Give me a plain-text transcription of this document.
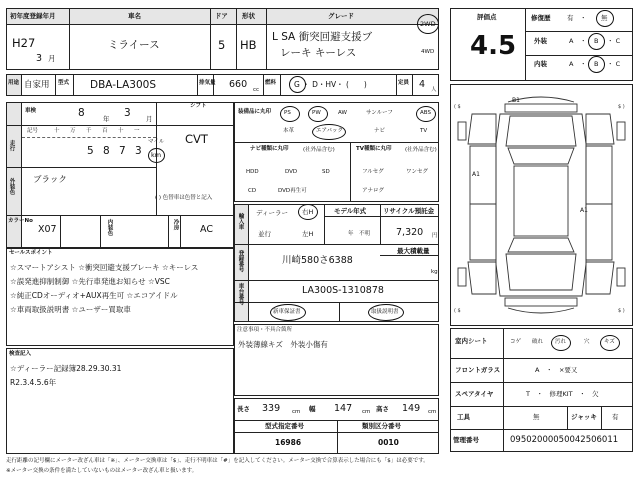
初年度登録年月
H27
3 月
車名
ミライース
ドア
5
形状
HB
グレード
L SA 衝突回避支援ブ
レーキ キーレス
2WD
4WD
用途 自家用 型式 DBA-LA300S	排気量 660 cc
燃料 G ・ D・HV・ (　　)	定員 4 人
評価点
4.5
修復歴	有　・ 無
外装	A　・ B ・ C
内装	A　・ B ・ C
車検	8	年 3 月
シフト
CVT
記号	十 万 千 百 十 一
走行	5 8 7 3
マイル
km
外装色 ブラック
( ) 色替車は色替と記入
カラーNo
X07	内装色	冷房 AC
装備品に丸印 PS	PW	AW	サンルーフ	ABS
本革	エアバック	ナビ	TV
ナビ種類に丸印	(社外品含む)	TV種類に丸印 (社外品含む)
HDD	DVD	SD
CD	DVD再生可
フルセグ	ワンセグ
アナログ
輸入車 ディーラー 右H
並行	左H
モデル年式
年　不明
リサイクル預託金
7,320 円
登録番号	川崎580さ6388
最大積載量
kg
車台番号	LA300S-1310878
新車保証書	取扱説明書
セールスポイント
☆スマートアシスト ☆衝突回避支援ブレーキ ☆キーレス
☆誤発進抑制制御 ☆先行車発進お知らせ ☆VSC
☆純正CDオーディオ+AUX再生可 ☆エコアイドル
☆車両取扱説明書 ☆ユーザー買取車
検査記入
☆ディーラー記録簿28.29.30.31
R2.3.4.5.6年
注意事項・不具合箇所
外装薄線キズ　外装小傷有
長さ 339 cm 幅 147 cm 高さ 149 cm
型式指定番号
16986
類別区分番号
0010
( $	$ )
( $	$ )
B1
A1
A1
室内シート	コゲ 破れ 汚れ	穴	キズ
フロントガラス	A　・　×要又
スペアタイヤ	T　・　修理KIT　・　欠
工具	無	ジャッキ 有
管理番号	09502000050042506011
走行距離の記号欄にメーター改ざん車は「※」、メーター交換車は「$」、走行不明車は「#」を記入してください。メーター交換で合算表示した場合にも「$」は必要です。
※メーター交換の条件を満たしていないものはメーター改ざん車と扱います。
